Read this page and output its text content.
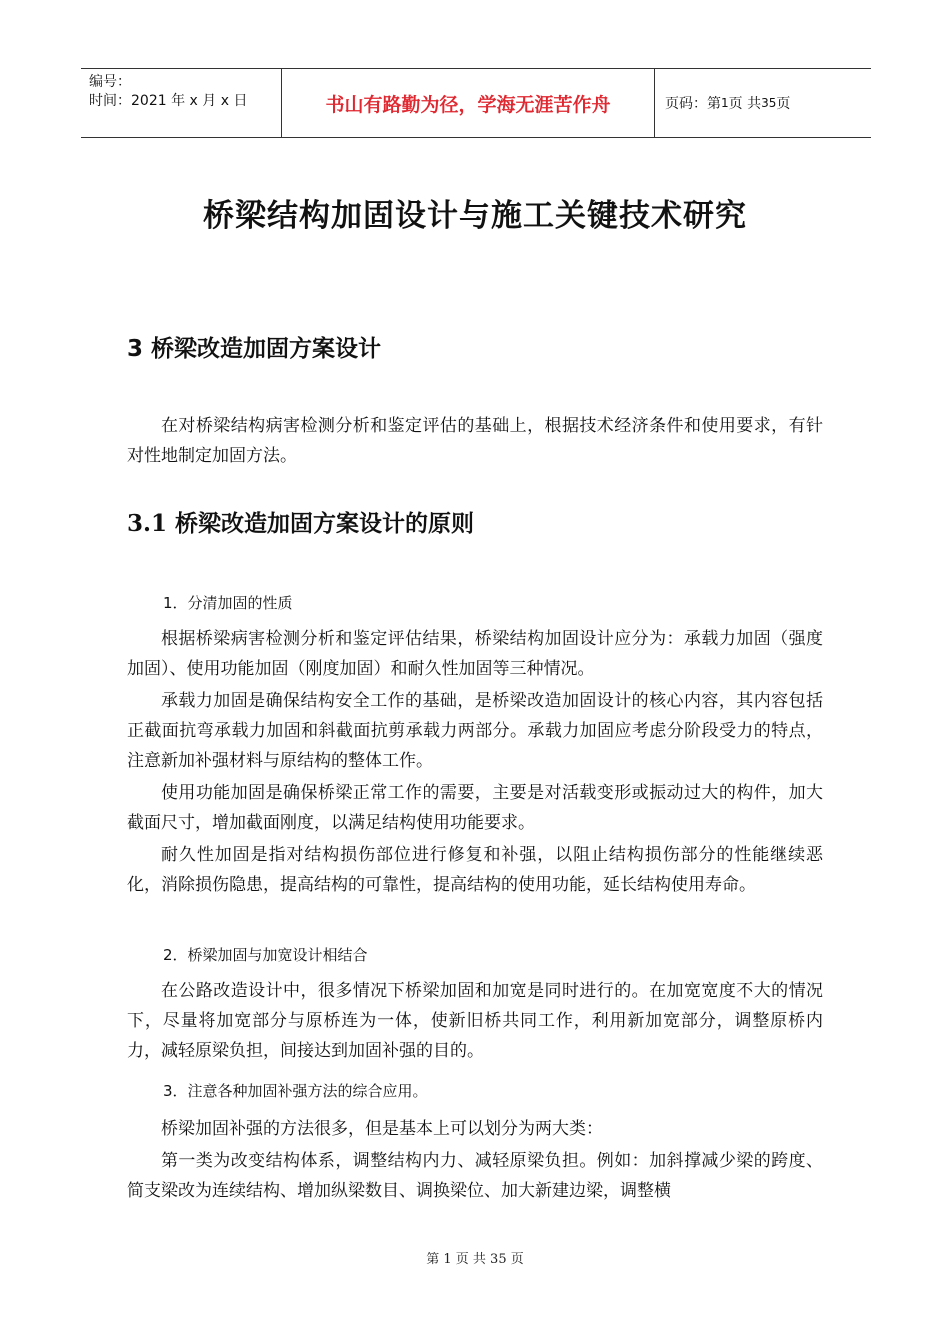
编号：
时间：2021 年 x 月 x 日	书山有路勤为径，学海无涯苦作舟	页码：第 1 页 共 35 页
桥梁结构加固设计与施工关键技术研究
3 桥梁改造加固方案设计

在对桥梁结构病害检测分析和鉴定评估的基础上，根据技术经济条件和使用要求，有针对性地制定加固方法。

3.1 桥梁改造加固方案设计的原则

1．分清加固的性质

根据桥梁病害检测分析和鉴定评估结果，桥梁结构加固设计应分为：承载力加固（强度加固）、使用功能加固（刚度加固）和耐久性加固等三种情况。

承载力加固是确保结构安全工作的基础，是桥梁改造加固设计的核心内容，其内容包括正截面抗弯承载力加固和斜截面抗剪承载力两部分。承载力加固应考虑分阶段受力的特点，注意新加补强材料与原结构的整体工作。

使用功能加固是确保桥梁正常工作的需要，主要是对活载变形或振动过大的构件，加大截面尺寸，增加截面刚度，以满足结构使用功能要求。

耐久性加固是指对结构损伤部位进行修复和补强，以阻止结构损伤部分的性能继续恶化，消除损伤隐患，提高结构的可靠性，提高结构的使用功能，延长结构使用寿命。

2．桥梁加固与加宽设计相结合

在公路改造设计中，很多情况下桥梁加固和加宽是同时进行的。在加宽宽度不大的情况下，尽量将加宽部分与原桥连为一体，使新旧桥共同工作，利用新加宽部分，调整原桥内力，减轻原梁负担，间接达到加固补强的目的。

3．注意各种加固补强方法的综合应用。

桥梁加固补强的方法很多，但是基本上可以划分为两大类：

第一类为改变结构体系，调整结构内力、减轻原梁负担。例如：加斜撑减少梁的跨度、简支梁改为连续结构、增加纵梁数目、调换梁位、加大新建边梁，调整横

第 1 页 共 35 页
